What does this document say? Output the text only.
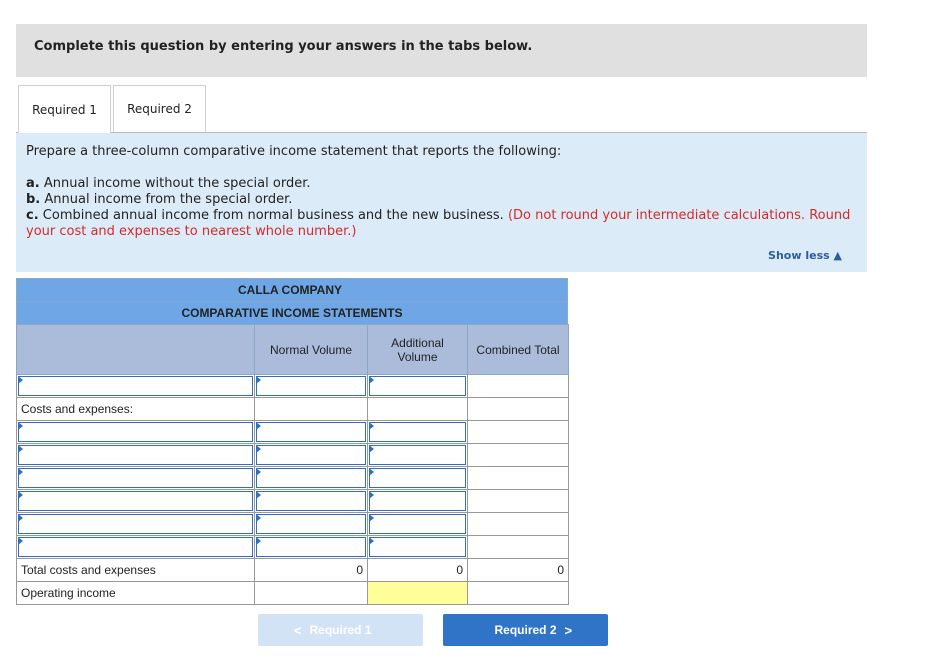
Complete this question by entering your answers in the tabs below.
Required 1	Required 2
Prepare a three-column comparative income statement that reports the following:
a. Annual income without the special order.
b. Annual income from the special order.
c. Combined annual income from normal business and the new business. (Do not round your intermediate calculations. Round your cost and expenses to nearest whole number.)
Show less ▲
CALLA COMPANY
COMPARATIVE INCOME STATEMENTS
	Normal Volume	Additional Volume	Combined Total

Costs and expenses:			

Total costs and expenses	0	0	0
Operating income			
< Required 1	Required 2 >
